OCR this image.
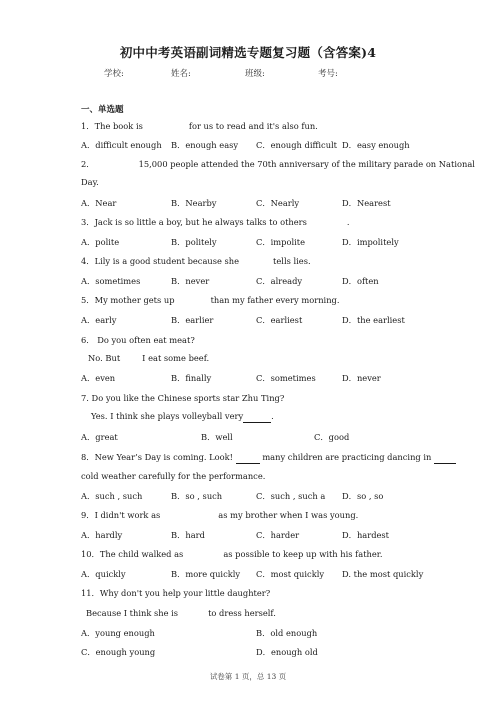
初中中考英语副词精选专题复习题（含答案)4
学校:	姓名:	班级:	考号:
一、单选题
1．The book is	for us to read and it's also fun.
A．difficult enough B．enough easy C．enough difficult D．easy enough
2．	15,000 people attended the 70th anniversary of the military parade on National
Day.
A．Near	B．Nearby	C．Nearly	D．Nearest
3．Jack is so little a boy, but he always talks to others	.
A．polite	B．politely	C．impolite	D．impolitely
4．Lily is a good student because she	tells lies.
A．sometimes	B．never	C．already	D．often
5．My mother gets up	than my father every morning.
A．early	B．earlier	C．earliest	D．the earliest
6． Do you often eat meat?
No. But	I eat some beef.
A．even	B．finally	C．sometimes	D．never
7. Do you like the Chinese sports star Zhu Ting?
Yes. I think she plays volleyball very	.
A．great	B．well	C．good
8．New Year’s Day is coming. Look!	many children are practicing dancing in
cold weather carefully for the performance.
A．such , such	B．so , such	C．such , such a D．so , so
9．I didn't work as	as my brother when I was young.
A．hardly	B．hard	C．harder	D．hardest
10．The child walked as	as possible to keep up with his father.
A．quickly	B．more quickly C．most quickly D. the most quickly
11．Why don't you help your little daughter?
Because I think she is	to dress herself.
A．young enough	B．old enough
C．enough young	D．enough old
试卷第 1 页，总 13 页
